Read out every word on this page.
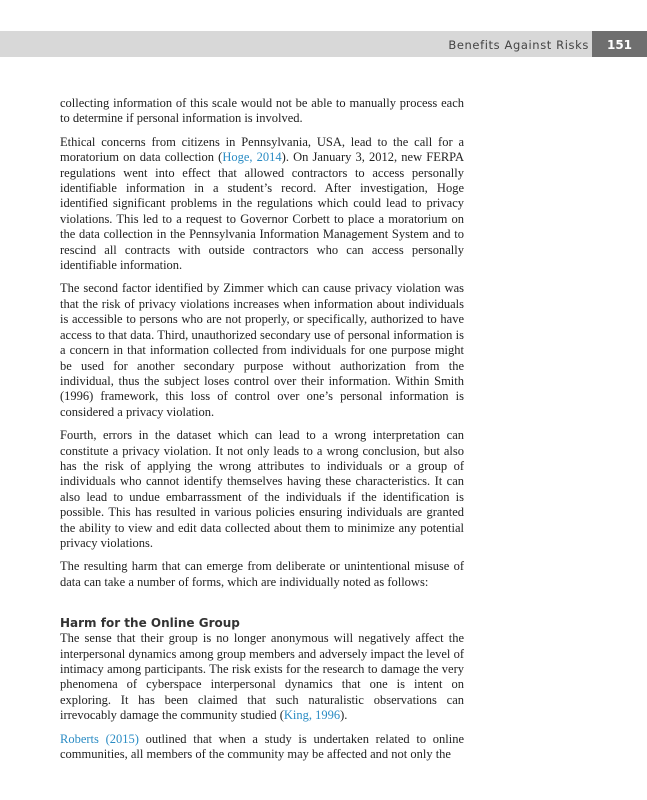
Benefits Against Risks	151

collecting information of this scale would not be able to manually process each to determine if personal information is involved.

Ethical concerns from citizens in Pennsylvania, USA, lead to the call for a moratorium on data collection (Hoge, 2014). On January 3, 2012, new FERPA regulations went into effect that allowed contractors to access personally identifiable information in a student’s record. After investigation, Hoge identified significant problems in the regulations which could lead to privacy violations. This led to a request to Governor Corbett to place a moratorium on the data collection in the Pennsylvania Information Management System and to rescind all contracts with outside contractors who can access personally identifiable information.

The second factor identified by Zimmer which can cause privacy violation was that the risk of privacy violations increases when information about individuals is accessible to persons who are not properly, or specifically, authorized to have access to that data. Third, unauthorized secondary use of personal information is a concern in that information collected from individuals for one purpose might be used for another secondary purpose without authorization from the individual, thus the subject loses control over their information. Within Smith (1996) framework, this loss of control over one’s personal information is considered a privacy violation.

Fourth, errors in the dataset which can lead to a wrong interpretation can constitute a privacy violation. It not only leads to a wrong conclusion, but also has the risk of applying the wrong attributes to individuals or a group of individuals who cannot identify themselves having these characteristics. It can also lead to undue embarrassment of the individuals if the identification is possible. This has resulted in various policies ensuring individuals are granted the ability to view and edit data collected about them to minimize any potential privacy violations.

The resulting harm that can emerge from deliberate or unintentional misuse of data can take a number of forms, which are individually noted as follows:

Harm for the Online Group

The sense that their group is no longer anonymous will negatively affect the interpersonal dynamics among group members and adversely impact the level of intimacy among participants. The risk exists for the research to damage the very phenomena of cyberspace interpersonal dynamics that one is intent on exploring. It has been claimed that such naturalistic observations can irrevocably damage the community studied (King, 1996).

Roberts (2015) outlined that when a study is undertaken related to online communities, all members of the community may be affected and not only the
